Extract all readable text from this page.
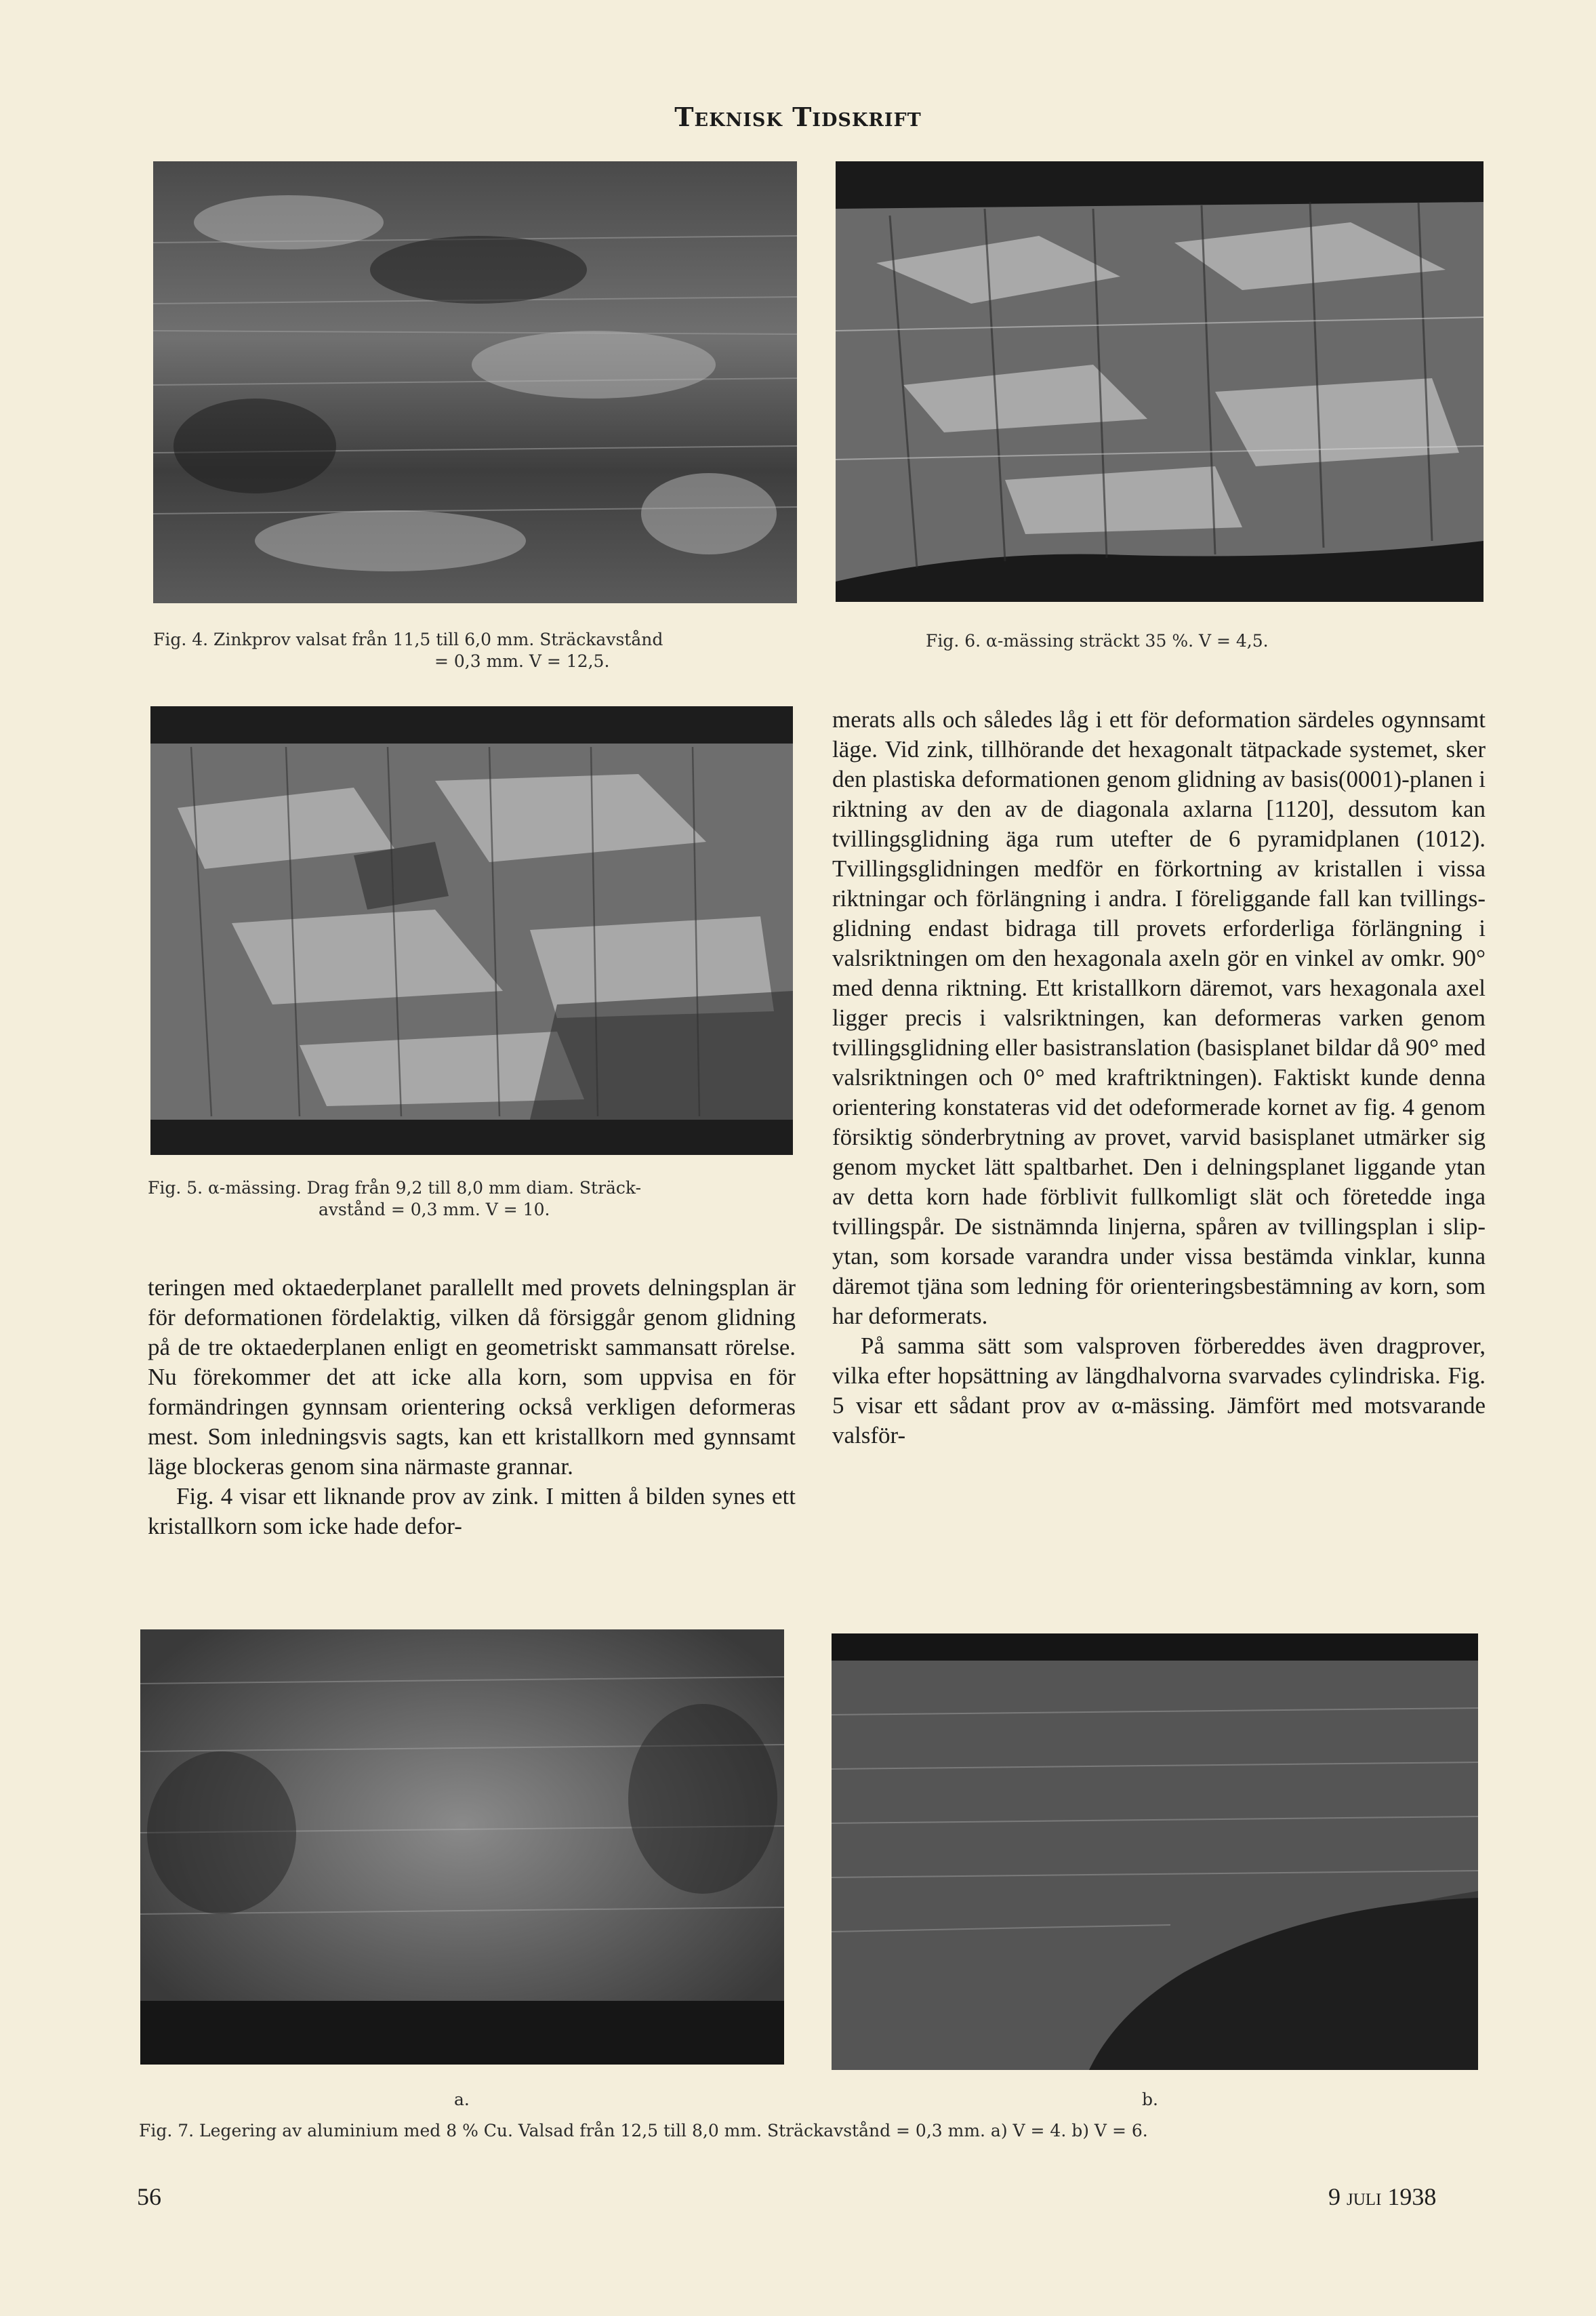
Teknisk Tidskrift
Fig. 4. Zinkprov valsat från 11,5 till 6,0 mm. Sträckavstånd
= 0,3 mm. V = 12,5.
Fig. 6. α-mässing sträckt 35 %. V = 4,5.
Fig. 5. α-mässing. Drag från 9,2 till 8,0 mm diam. Sträck-
avstånd = 0,3 mm. V = 10.

teringen med oktaederplanet parallellt med provets delningsplan är för deformationen fördelaktig, vilken då försiggår genom glidning på de tre oktaederplanen enligt en geometriskt sammansatt rörelse. Nu förekommer det att icke alla korn, som uppvisa en för formändringen gynnsam orientering också verkligen deformeras mest. Som inledningsvis sagts, kan ett kristallkorn med gynnsamt läge blockeras genom sina närmaste grannar.

Fig. 4 visar ett liknande prov av zink. I mitten å bilden synes ett kristallkorn som icke hade defor-

merats alls och således låg i ett för deformation särdeles ogynnsamt läge. Vid zink, tillhörande det hexagonalt tätpackade systemet, sker den plastiska deformationen genom glidning av basis(0001)-planen i riktning av den av de diagonala axlarna [1120], dessutom kan tvillingsglidning äga rum utefter de 6 pyramidplanen (1012). Tvillingsglidningen medför en förkortning av kristallen i vissa riktningar och förlängning i andra. I föreliggande fall kan tvillingsglidning endast bidraga till provets erforderliga förlängning i valsriktningen om den hexagonala axeln gör en vinkel av omkr. 90° med denna riktning. Ett kristallkorn däremot, vars hexagonala axel ligger precis i valsriktningen, kan deformeras varken genom tvillingsglidning eller basistranslation (basisplanet bildar då 90° med valsriktningen och 0° med kraftriktningen). Faktiskt kunde denna orientering konstateras vid det odeformerade kornet av fig. 4 genom försiktig sönderbrytning av provet, varvid basisplanet utmärker sig genom mycket lätt spaltbarhet. Den i delningsplanet liggande ytan av detta korn hade förblivit fullkomligt slät och företedde inga tvillingspår. De sistnämnda linjerna, spåren av tvillingsplan i slipytan, som korsade varandra under vissa bestämda vinklar, kunna däremot tjäna som ledning för orienteringsbestämning av korn, som har deformerats.

På samma sätt som valsproven förbereddes även dragprover, vilka efter hopsättning av längdhalvorna svarvades cylindriska. Fig. 5 visar ett sådant prov av α-mässing. Jämfört med motsvarande valsför-

a.	b.
Fig. 7. Legering av aluminium med 8 % Cu. Valsad från 12,5 till 8,0 mm. Sträckavstånd = 0,3 mm. a) V = 4. b) V = 6.
56	9 juli 1938
